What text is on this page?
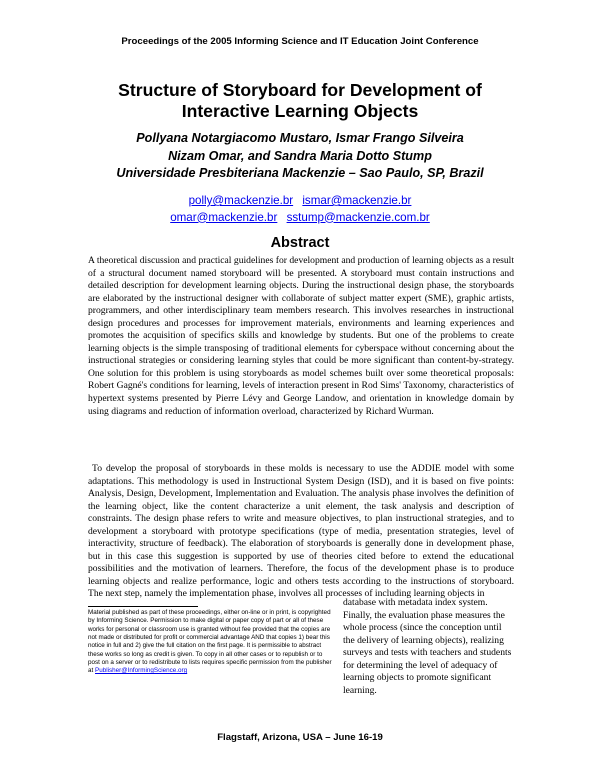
Proceedings of the 2005 Informing Science and IT Education Joint Conference
Structure of Storyboard for Development of
Interactive Learning Objects
Pollyana Notargiacomo Mustaro, Ismar Frango Silveira
Nizam Omar, and Sandra Maria Dotto Stump
Universidade Presbiteriana Mackenzie – Sao Paulo, SP, Brazil
polly@mackenzie.br ismar@mackenzie.br
omar@mackenzie.br sstump@mackenzie.com.br
Abstract
A theoretical discussion and practical guidelines for development and production of learning objects as a result of a structural document named storyboard will be presented. A storyboard must contain instructions and detailed description for development learning objects. During the instructional design phase, the storyboards are elaborated by the instructional designer with collaborate of subject matter expert (SME), graphic artists, programmers, and other interdisciplinary team members research. This involves researches in instructional design procedures and processes for improvement materials, environments and learning experiences and promotes the acquisition of specifics skills and knowledge by students. But one of the problems to create learning objects is the simple transposing of traditional elements for cyberspace without concerning about the instructional strategies or considering learning styles that could be more significant than content-by-strategy. One solution for this problem is using storyboards as model schemes built over some theoretical proposals: Robert Gagné's conditions for learning, levels of interaction present in Rod Sims' Taxonomy, characteristics of hypertext systems presented by Pierre Lévy and George Landow, and orientation in knowledge domain by using diagrams and reduction of information overload, characterized by Richard Wurman.
To develop the proposal of storyboards in these molds is necessary to use the ADDIE model with some adaptations. This methodology is used in Instructional System Design (ISD), and it is based on five points: Analysis, Design, Development, Implementation and Evaluation. The analysis phase involves the definition of the learning object, like the content characterize a unit element, the task analysis and description of constraints. The design phase refers to write and measure objectives, to plan instructional strategies, and to development a storyboard with prototype specifications (type of media, presentation strategies, level of interactivity, structure of feedback). The elaboration of storyboards is generally done in development phase, but in this case this suggestion is supported by use of theories cited before to extend the educational possibilities and the motivation of learners. Therefore, the focus of the development phase is to produce learning objects and realize performance, logic and others tests according to the instructions of storyboard. The next step, namely the implementation phase, involves all processes of including learning objects in
Material published as part of these proceedings, either on-line or in print, is copyrighted by Informing Science. Permission to make digital or paper copy of part or all of these works for personal or classroom use is granted without fee provided that the copies are not made or distributed for profit or commercial advantage AND that copies 1) bear this notice in full and 2) give the full citation on the first page. It is permissible to abstract these works so long as credit is given. To copy in all other cases or to republish or to post on a server or to redistribute to lists requires specific permission from the publisher at Publisher@InformingScience.org
database with metadata index system. Finally, the evaluation phase measures the whole process (since the conception until the delivery of learning objects), realizing surveys and tests with teachers and students for determining the level of adequacy of learning objects to promote significant learning.
Flagstaff, Arizona, USA – June 16-19
